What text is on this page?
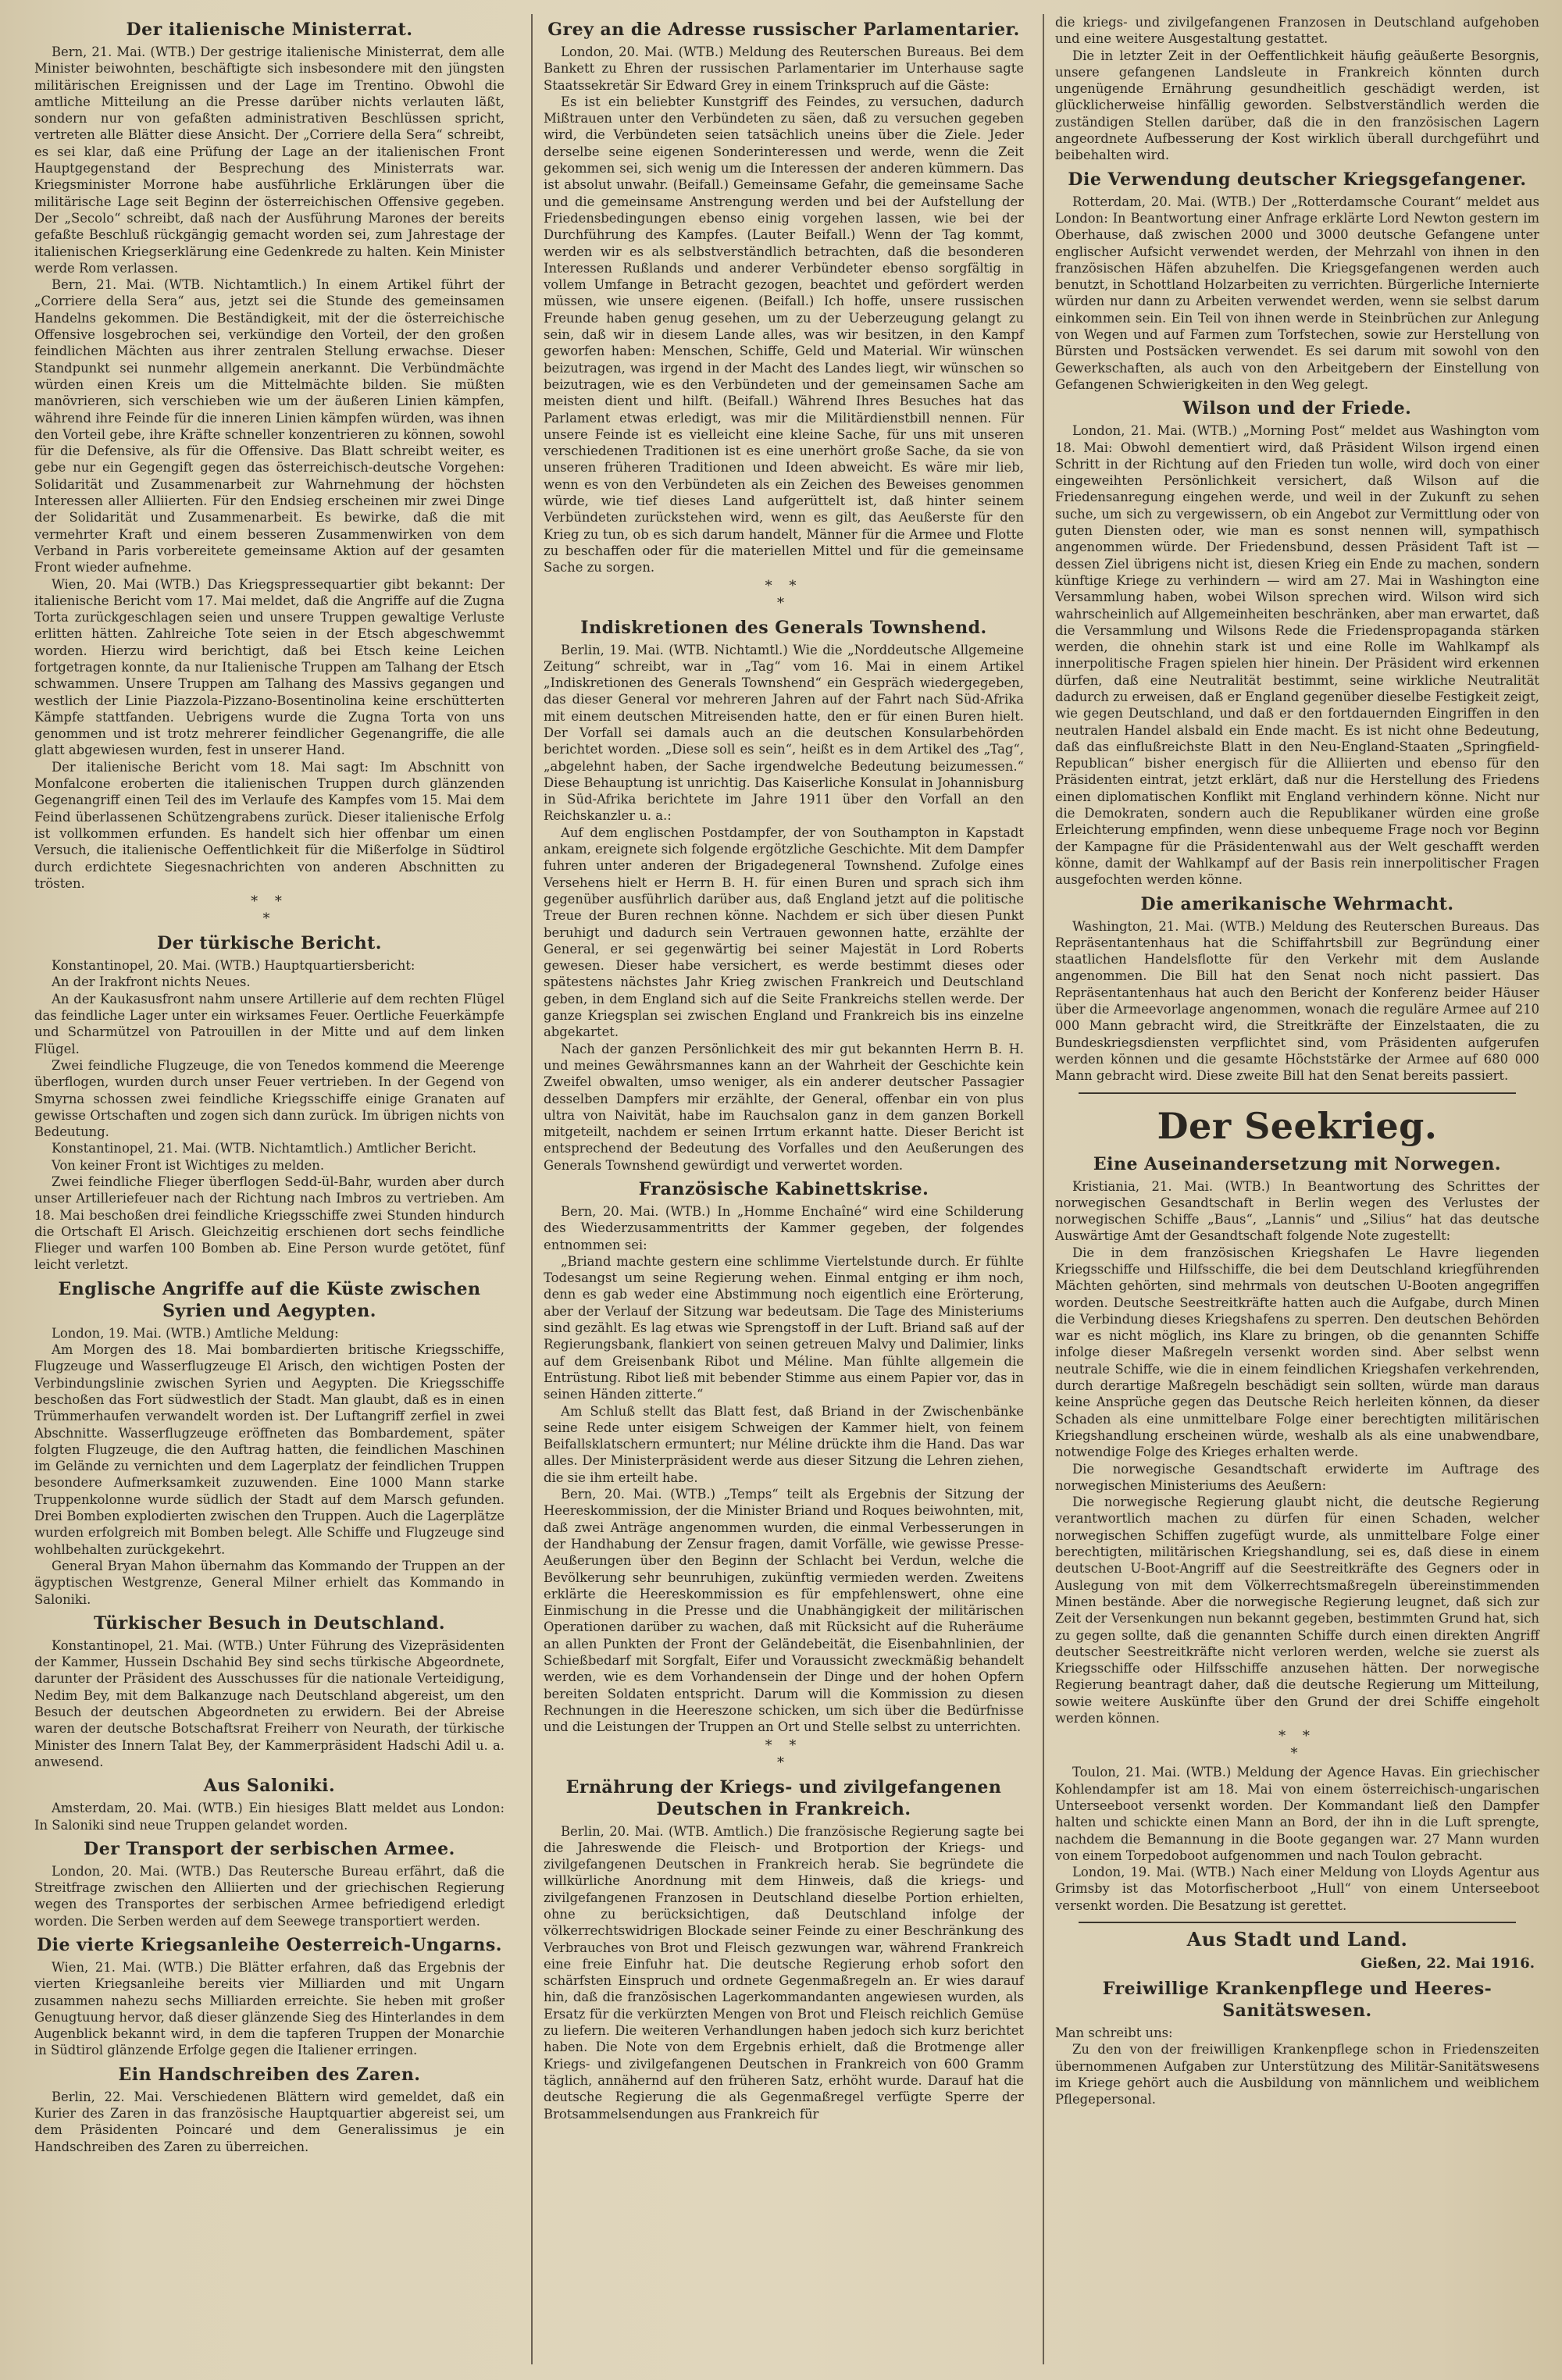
Der italienische Ministerrat.

Bern, 21. Mai. (WTB.) Der gestrige italienische Ministerrat, dem alle Minister beiwohnten, beschäftigte sich insbesondere mit den jüngsten militärischen Ereignissen und der Lage im Trentino. Obwohl die amtliche Mitteilung an die Presse darüber nichts verlauten läßt, sondern nur von gefaßten administrativen Beschlüssen spricht, vertreten alle Blätter diese Ansicht. Der „Corriere della Sera“ schreibt, es sei klar, daß eine Prüfung der Lage an der italienischen Front Hauptgegenstand der Besprechung des Ministerrats war. Kriegsminister Morrone habe ausführliche Erklärungen über die militärische Lage seit Beginn der österreichischen Offensive gegeben. Der „Secolo“ schreibt, daß nach der Ausführung Marones der bereits gefaßte Beschluß rückgängig gemacht worden sei, zum Jahrestage der italienischen Kriegserklärung eine Gedenkrede zu halten. Kein Minister werde Rom verlassen.

Bern, 21. Mai. (WTB. Nichtamtlich.) In einem Artikel führt der „Corriere della Sera“ aus, jetzt sei die Stunde des gemeinsamen Handelns gekommen. Die Beständigkeit, mit der die österreichische Offensive losgebrochen sei, verkündige den Vorteil, der den großen feindlichen Mächten aus ihrer zentralen Stellung erwachse. Dieser Standpunkt sei nunmehr allgemein anerkannt. Die Verbündmächte würden einen Kreis um die Mittelmächte bilden. Sie müßten manövrieren, sich verschieben wie um der äußeren Linien kämpfen, während ihre Feinde für die inneren Linien kämpfen würden, was ihnen den Vorteil gebe, ihre Kräfte schneller konzentrieren zu können, sowohl für die Defensive, als für die Offensive. Das Blatt schreibt weiter, es gebe nur ein Gegengift gegen das österreichisch-deutsche Vorgehen: Solidarität und Zusammenarbeit zur Wahrnehmung der höchsten Interessen aller Alliierten. Für den Endsieg erscheinen mir zwei Dinge der Solidarität und Zusammenarbeit. Es bewirke, daß die mit vermehrter Kraft und einem besseren Zusammenwirken von dem Verband in Paris vorbereitete gemeinsame Aktion auf der gesamten Front wieder aufnehme.

Wien, 20. Mai (WTB.) Das Kriegspressequartier gibt bekannt: Der italienische Bericht vom 17. Mai meldet, daß die Angriffe auf die Zugna Torta zurückgeschlagen seien und unsere Truppen gewaltige Verluste erlitten hätten. Zahlreiche Tote seien in der Etsch abgeschwemmt worden. Hierzu wird berichtigt, daß bei Etsch keine Leichen fortgetragen konnte, da nur Italienische Truppen am Talhang der Etsch schwammen. Unsere Truppen am Talhang des Massivs gegangen und westlich der Linie Piazzola-Pizzano-Bosentinolina keine erschütterten Kämpfe stattfanden. Uebrigens wurde die Zugna Torta von uns genommen und ist trotz mehrerer feindlicher Gegenangriffe, die alle glatt abgewiesen wurden, fest in unserer Hand.

Der italienische Bericht vom 18. Mai sagt: Im Abschnitt von Monfalcone eroberten die italienischen Truppen durch glänzenden Gegenangriff einen Teil des im Verlaufe des Kampfes vom 15. Mai dem Feind überlassenen Schützengrabens zurück. Dieser italienische Erfolg ist vollkommen erfunden. Es handelt sich hier offenbar um einen Versuch, die italienische Oeffentlichkeit für die Mißerfolge in Südtirol durch erdichtete Siegesnachrichten von anderen Abschnitten zu trösten.

* *
*
Der türkische Bericht.

Konstantinopel, 20. Mai. (WTB.) Hauptquartiersbericht:

An der Irakfront nichts Neues.

An der Kaukasusfront nahm unsere Artillerie auf dem rechten Flügel das feindliche Lager unter ein wirksames Feuer. Oertliche Feuerkämpfe und Scharmützel von Patrouillen in der Mitte und auf dem linken Flügel.

Zwei feindliche Flugzeuge, die von Tenedos kommend die Meerenge überflogen, wurden durch unser Feuer vertrieben. In der Gegend von Smyrna schossen zwei feindliche Kriegsschiffe einige Granaten auf gewisse Ortschaften und zogen sich dann zurück. Im übrigen nichts von Bedeutung.

Konstantinopel, 21. Mai. (WTB. Nichtamtlich.) Amtlicher Bericht.

Von keiner Front ist Wichtiges zu melden.

Zwei feindliche Flieger überflogen Sedd-ül-Bahr, wurden aber durch unser Artilleriefeuer nach der Richtung nach Imbros zu vertrieben. Am 18. Mai beschoßen drei feindliche Kriegsschiffe zwei Stunden hindurch die Ortschaft El Arisch. Gleichzeitig erschienen dort sechs feindliche Flieger und warfen 100 Bomben ab. Eine Person wurde getötet, fünf leicht verletzt.

Englische Angriffe auf die Küste zwischen Syrien und Aegypten.

London, 19. Mai. (WTB.) Amtliche Meldung:

Am Morgen des 18. Mai bombardierten britische Kriegsschiffe, Flugzeuge und Wasserflugzeuge El Arisch, den wichtigen Posten der Verbindungslinie zwischen Syrien und Aegypten. Die Kriegsschiffe beschoßen das Fort südwestlich der Stadt. Man glaubt, daß es in einen Trümmerhaufen verwandelt worden ist. Der Luftangriff zerfiel in zwei Abschnitte. Wasserflugzeuge eröffneten das Bombardement, später folgten Flugzeuge, die den Auftrag hatten, die feindlichen Maschinen im Gelände zu vernichten und dem Lagerplatz der feindlichen Truppen besondere Aufmerksamkeit zuzuwenden. Eine 1000 Mann starke Truppenkolonne wurde südlich der Stadt auf dem Marsch gefunden. Drei Bomben explodierten zwischen den Truppen. Auch die Lagerplätze wurden erfolgreich mit Bomben belegt. Alle Schiffe und Flugzeuge sind wohlbehalten zurückgekehrt.

General Bryan Mahon übernahm das Kommando der Truppen an der ägyptischen Westgrenze, General Milner erhielt das Kommando in Saloniki.

Türkischer Besuch in Deutschland.

Konstantinopel, 21. Mai. (WTB.) Unter Führung des Vizepräsidenten der Kammer, Hussein Dschahid Bey sind sechs türkische Abgeordnete, darunter der Präsident des Ausschusses für die nationale Verteidigung, Nedim Bey, mit dem Balkanzuge nach Deutschland abgereist, um den Besuch der deutschen Abgeordneten zu erwidern. Bei der Abreise waren der deutsche Botschaftsrat Freiherr von Neurath, der türkische Minister des Innern Talat Bey, der Kammerpräsident Hadschi Adil u. a. anwesend.

Aus Saloniki.

Amsterdam, 20. Mai. (WTB.) Ein hiesiges Blatt meldet aus London: In Saloniki sind neue Truppen gelandet worden.

Der Transport der serbischen Armee.

London, 20. Mai. (WTB.) Das Reutersche Bureau erfährt, daß die Streitfrage zwischen den Alliierten und der griechischen Regierung wegen des Transportes der serbischen Armee befriedigend erledigt worden. Die Serben werden auf dem Seewege transportiert werden.

Die vierte Kriegsanleihe Oesterreich-Ungarns.

Wien, 21. Mai. (WTB.) Die Blätter erfahren, daß das Ergebnis der vierten Kriegsanleihe bereits vier Milliarden und mit Ungarn zusammen nahezu sechs Milliarden erreichte. Sie heben mit großer Genugtuung hervor, daß dieser glänzende Sieg des Hinterlandes in dem Augenblick bekannt wird, in dem die tapferen Truppen der Monarchie in Südtirol glänzende Erfolge gegen die Italiener erringen.

Ein Handschreiben des Zaren.

Berlin, 22. Mai. Verschiedenen Blättern wird gemeldet, daß ein Kurier des Zaren in das französische Hauptquartier abgereist sei, um dem Präsidenten Poincaré und dem Generalissimus je ein Handschreiben des Zaren zu überreichen.

Grey an die Adresse russischer Parlamentarier.

London, 20. Mai. (WTB.) Meldung des Reuterschen Bureaus. Bei dem Bankett zu Ehren der russischen Parlamentarier im Unterhause sagte Staatssekretär Sir Edward Grey in einem Trinkspruch auf die Gäste:

Es ist ein beliebter Kunstgriff des Feindes, zu versuchen, dadurch Mißtrauen unter den Verbündeten zu säen, daß zu versuchen gegeben wird, die Verbündeten seien tatsächlich uneins über die Ziele. Jeder derselbe seine eigenen Sonderinteressen und werde, wenn die Zeit gekommen sei, sich wenig um die Interessen der anderen kümmern. Das ist absolut unwahr. (Beifall.) Gemeinsame Gefahr, die gemeinsame Sache und die gemeinsame Anstrengung werden und bei der Aufstellung der Friedensbedingungen ebenso einig vorgehen lassen, wie bei der Durchführung des Kampfes. (Lauter Beifall.) Wenn der Tag kommt, werden wir es als selbstverständlich betrachten, daß die besonderen Interessen Rußlands und anderer Verbündeter ebenso sorgfältig in vollem Umfange in Betracht gezogen, beachtet und gefördert werden müssen, wie unsere eigenen. (Beifall.) Ich hoffe, unsere russischen Freunde haben genug gesehen, um zu der Ueberzeugung gelangt zu sein, daß wir in diesem Lande alles, was wir besitzen, in den Kampf geworfen haben: Menschen, Schiffe, Geld und Material. Wir wünschen beizutragen, was irgend in der Macht des Landes liegt, wir wünschen so beizutragen, wie es den Verbündeten und der gemeinsamen Sache am meisten dient und hilft. (Beifall.) Während Ihres Besuches hat das Parlament etwas erledigt, was mir die Militärdienstbill nennen. Für unsere Feinde ist es vielleicht eine kleine Sache, für uns mit unseren verschiedenen Traditionen ist es eine unerhört große Sache, da sie von unseren früheren Traditionen und Ideen abweicht. Es wäre mir lieb, wenn es von den Verbündeten als ein Zeichen des Beweises genommen würde, wie tief dieses Land aufgerüttelt ist, daß hinter seinem Verbündeten zurückstehen wird, wenn es gilt, das Aeußerste für den Krieg zu tun, ob es sich darum handelt, Männer für die Armee und Flotte zu beschaffen oder für die materiellen Mittel und für die gemeinsame Sache zu sorgen.

* *
*
Indiskretionen des Generals Townshend.

Berlin, 19. Mai. (WTB. Nichtamtl.) Wie die „Norddeutsche Allgemeine Zeitung“ schreibt, war in „Tag“ vom 16. Mai in einem Artikel „Indiskretionen des Generals Townshend“ ein Gespräch wiedergegeben, das dieser General vor mehreren Jahren auf der Fahrt nach Süd-Afrika mit einem deutschen Mitreisenden hatte, den er für einen Buren hielt. Der Vorfall sei damals auch an die deutschen Konsularbehörden berichtet worden. „Diese soll es sein“, heißt es in dem Artikel des „Tag“, „abgelehnt haben, der Sache irgendwelche Bedeutung beizumessen.“ Diese Behauptung ist unrichtig. Das Kaiserliche Konsulat in Johannisburg in Süd-Afrika berichtete im Jahre 1911 über den Vorfall an den Reichskanzler u. a.:

Auf dem englischen Postdampfer, der von Southampton in Kapstadt ankam, ereignete sich folgende ergötzliche Geschichte. Mit dem Dampfer fuhren unter anderen der Brigadegeneral Townshend. Zufolge eines Versehens hielt er Herrn B. H. für einen Buren und sprach sich ihm gegenüber ausführlich darüber aus, daß England jetzt auf die politische Treue der Buren rechnen könne. Nachdem er sich über diesen Punkt beruhigt und dadurch sein Vertrauen gewonnen hatte, erzählte der General, er sei gegenwärtig bei seiner Majestät in Lord Roberts gewesen. Dieser habe versichert, es werde bestimmt dieses oder spätestens nächstes Jahr Krieg zwischen Frankreich und Deutschland geben, in dem England sich auf die Seite Frankreichs stellen werde. Der ganze Kriegsplan sei zwischen England und Frankreich bis ins einzelne abgekartet.

Nach der ganzen Persönlichkeit des mir gut bekannten Herrn B. H. und meines Gewährsmannes kann an der Wahrheit der Geschichte kein Zweifel obwalten, umso weniger, als ein anderer deutscher Passagier desselben Dampfers mir erzählte, der General, offenbar ein von plus ultra von Naivität, habe im Rauchsalon ganz in dem ganzen Borkell mitgeteilt, nachdem er seinen Irrtum erkannt hatte. Dieser Bericht ist entsprechend der Bedeutung des Vorfalles und den Aeußerungen des Generals Townshend gewürdigt und verwertet worden.

Französische Kabinettskrise.

Bern, 20. Mai. (WTB.) In „Homme Enchaîné“ wird eine Schilderung des Wiederzusammentritts der Kammer gegeben, der folgendes entnommen sei:

„Briand machte gestern eine schlimme Viertelstunde durch. Er fühlte Todesangst um seine Regierung wehen. Einmal entging er ihm noch, denn es gab weder eine Abstimmung noch eigentlich eine Erörterung, aber der Verlauf der Sitzung war bedeutsam. Die Tage des Ministeriums sind gezählt. Es lag etwas wie Sprengstoff in der Luft. Briand saß auf der Regierungsbank, flankiert von seinen getreuen Malvy und Dalimier, links auf dem Greisenbank Ribot und Méline. Man fühlte allgemein die Entrüstung. Ribot ließ mit bebender Stimme aus einem Papier vor, das in seinen Händen zitterte.“

Am Schluß stellt das Blatt fest, daß Briand in der Zwischenbänke seine Rede unter eisigem Schweigen der Kammer hielt, von feinem Beifallsklatschern ermuntert; nur Méline drückte ihm die Hand. Das war alles. Der Ministerpräsident werde aus dieser Sitzung die Lehren ziehen, die sie ihm erteilt habe.

Bern, 20. Mai. (WTB.) „Temps“ teilt als Ergebnis der Sitzung der Heereskommission, der die Minister Briand und Roques beiwohnten, mit, daß zwei Anträge angenommen wurden, die einmal Verbesserungen in der Handhabung der Zensur fragen, damit Vorfälle, wie gewisse Presse-Aeußerungen über den Beginn der Schlacht bei Verdun, welche die Bevölkerung sehr beunruhigen, zukünftig vermieden werden. Zweitens erklärte die Heereskommission es für empfehlenswert, ohne eine Einmischung in die Presse und die Unabhängigkeit der militärischen Operationen darüber zu wachen, daß mit Rücksicht auf die Ruheräume an allen Punkten der Front der Geländebeität, die Eisenbahnlinien, der Schießbedarf mit Sorgfalt, Eifer und Voraussicht zweckmäßig behandelt werden, wie es dem Vorhandensein der Dinge und der hohen Opfern bereiten Soldaten entspricht. Darum will die Kommission zu diesen Rechnungen in die Heereszone schicken, um sich über die Bedürfnisse und die Leistungen der Truppen an Ort und Stelle selbst zu unterrichten.

* *
*
Ernährung der Kriegs- und zivilgefangenen Deutschen in Frankreich.

Berlin, 20. Mai. (WTB. Amtlich.) Die französische Regierung sagte bei die Jahreswende die Fleisch- und Brotportion der Kriegs- und zivilgefangenen Deutschen in Frankreich herab. Sie begründete die willkürliche Anordnung mit dem Hinweis, daß die kriegs- und zivilgefangenen Franzosen in Deutschland dieselbe Portion erhielten, ohne zu berücksichtigen, daß Deutschland infolge der völkerrechtswidrigen Blockade seiner Feinde zu einer Beschränkung des Verbrauches von Brot und Fleisch gezwungen war, während Frankreich eine freie Einfuhr hat. Die deutsche Regierung erhob sofort den schärfsten Einspruch und ordnete Gegenmaßregeln an. Er wies darauf hin, daß die französischen Lagerkommandanten angewiesen wurden, als Ersatz für die verkürzten Mengen von Brot und Fleisch reichlich Gemüse zu liefern. Die weiteren Verhandlungen haben jedoch sich kurz berichtet haben. Die Note von dem Ergebnis erhielt, daß die Brotmenge aller Kriegs- und zivilgefangenen Deutschen in Frankreich von 600 Gramm täglich, annähernd auf den früheren Satz, erhöht wurde. Darauf hat die deutsche Regierung die als Gegenmaßregel verfügte Sperre der Brotsammelsendungen aus Frankreich für

die kriegs- und zivilgefangenen Franzosen in Deutschland aufgehoben und eine weitere Ausgestaltung gestattet.

Die in letzter Zeit in der Oeffentlichkeit häufig geäußerte Besorgnis, unsere gefangenen Landsleute in Frankreich könnten durch ungenügende Ernährung gesundheitlich geschädigt werden, ist glücklicherweise hinfällig geworden. Selbstverständlich werden die zuständigen Stellen darüber, daß die in den französischen Lagern angeordnete Aufbesserung der Kost wirklich überall durchgeführt und beibehalten wird.

Die Verwendung deutscher Kriegsgefangener.

Rotterdam, 20. Mai. (WTB.) Der „Rotterdamsche Courant“ meldet aus London: In Beantwortung einer Anfrage erklärte Lord Newton gestern im Oberhause, daß zwischen 2000 und 3000 deutsche Gefangene unter englischer Aufsicht verwendet werden, der Mehrzahl von ihnen in den französischen Häfen abzuhelfen. Die Kriegsgefangenen werden auch benutzt, in Schottland Holzarbeiten zu verrichten. Bürgerliche Internierte würden nur dann zu Arbeiten verwendet werden, wenn sie selbst darum einkommen sein. Ein Teil von ihnen werde in Steinbrüchen zur Anlegung von Wegen und auf Farmen zum Torfstechen, sowie zur Herstellung von Bürsten und Postsäcken verwendet. Es sei darum mit sowohl von den Gewerkschaften, als auch von den Arbeitgebern der Einstellung von Gefangenen Schwierigkeiten in den Weg gelegt.

Wilson und der Friede.

London, 21. Mai. (WTB.) „Morning Post“ meldet aus Washington vom 18. Mai: Obwohl dementiert wird, daß Präsident Wilson irgend einen Schritt in der Richtung auf den Frieden tun wolle, wird doch von einer eingeweihten Persönlichkeit versichert, daß Wilson auf die Friedensanregung eingehen werde, und weil in der Zukunft zu sehen suche, um sich zu vergewissern, ob ein Angebot zur Vermittlung oder von guten Diensten oder, wie man es sonst nennen will, sympathisch angenommen würde. Der Friedensbund, dessen Präsident Taft ist — dessen Ziel übrigens nicht ist, diesen Krieg ein Ende zu machen, sondern künftige Kriege zu verhindern — wird am 27. Mai in Washington eine Versammlung haben, wobei Wilson sprechen wird. Wilson wird sich wahrscheinlich auf Allgemeinheiten beschränken, aber man erwartet, daß die Versammlung und Wilsons Rede die Friedenspropaganda stärken werden, die ohnehin stark ist und eine Rolle im Wahlkampf als innerpolitische Fragen spielen hier hinein. Der Präsident wird erkennen dürfen, daß eine Neutralität bestimmt, seine wirkliche Neutralität dadurch zu erweisen, daß er England gegenüber dieselbe Festigkeit zeigt, wie gegen Deutschland, und daß er den fortdauernden Eingriffen in den neutralen Handel alsbald ein Ende macht. Es ist nicht ohne Bedeutung, daß das einflußreichste Blatt in den Neu-England-Staaten „Springfield-Republican“ bisher energisch für die Alliierten und ebenso für den Präsidenten eintrat, jetzt erklärt, daß nur die Herstellung des Friedens einen diplomatischen Konflikt mit England verhindern könne. Nicht nur die Demokraten, sondern auch die Republikaner würden eine große Erleichterung empfinden, wenn diese unbequeme Frage noch vor Beginn der Kampagne für die Präsidentenwahl aus der Welt geschafft werden könne, damit der Wahlkampf auf der Basis rein innerpolitischer Fragen ausgefochten werden könne.

Die amerikanische Wehrmacht.

Washington, 21. Mai. (WTB.) Meldung des Reuterschen Bureaus. Das Repräsentantenhaus hat die Schiffahrtsbill zur Begründung einer staatlichen Handelsflotte für den Verkehr mit dem Auslande angenommen. Die Bill hat den Senat noch nicht passiert. Das Repräsentantenhaus hat auch den Bericht der Konferenz beider Häuser über die Armeevorlage angenommen, wonach die reguläre Armee auf 210 000 Mann gebracht wird, die Streitkräfte der Einzelstaaten, die zu Bundeskriegsdiensten verpflichtet sind, vom Präsidenten aufgerufen werden können und die gesamte Höchststärke der Armee auf 680 000 Mann gebracht wird. Diese zweite Bill hat den Senat bereits passiert.

Der Seekrieg.
Eine Auseinandersetzung mit Norwegen.

Kristiania, 21. Mai. (WTB.) In Beantwortung des Schrittes der norwegischen Gesandtschaft in Berlin wegen des Verlustes der norwegischen Schiffe „Baus“, „Lannis“ und „Silius“ hat das deutsche Auswärtige Amt der Gesandtschaft folgende Note zugestellt:

Die in dem französischen Kriegshafen Le Havre liegenden Kriegsschiffe und Hilfsschiffe, die bei dem Deutschland kriegführenden Mächten gehörten, sind mehrmals von deutschen U-Booten angegriffen worden. Deutsche Seestreitkräfte hatten auch die Aufgabe, durch Minen die Verbindung dieses Kriegshafens zu sperren. Den deutschen Behörden war es nicht möglich, ins Klare zu bringen, ob die genannten Schiffe infolge dieser Maßregeln versenkt worden sind. Aber selbst wenn neutrale Schiffe, wie die in einem feindlichen Kriegshafen verkehrenden, durch derartige Maßregeln beschädigt sein sollten, würde man daraus keine Ansprüche gegen das Deutsche Reich herleiten können, da dieser Schaden als eine unmittelbare Folge einer berechtigten militärischen Kriegshandlung erscheinen würde, weshalb als als eine unabwendbare, notwendige Folge des Krieges erhalten werde.

Die norwegische Gesandtschaft erwiderte im Auftrage des norwegischen Ministeriums des Aeußern:

Die norwegische Regierung glaubt nicht, die deutsche Regierung verantwortlich machen zu dürfen für einen Schaden, welcher norwegischen Schiffen zugefügt wurde, als unmittelbare Folge einer berechtigten, militärischen Kriegshandlung, sei es, daß diese in einem deutschen U-Boot-Angriff auf die Seestreitkräfte des Gegners oder in Auslegung von mit dem Völkerrechtsmaßregeln übereinstimmenden Minen bestände. Aber die norwegische Regierung leugnet, daß sich zur Zeit der Versenkungen nun bekannt gegeben, bestimmten Grund hat, sich zu gegen sollte, daß die genannten Schiffe durch einen direkten Angriff deutscher Seestreitkräfte nicht verloren werden, welche sie zuerst als Kriegsschiffe oder Hilfsschiffe anzusehen hätten. Der norwegische Regierung beantragt daher, daß die deutsche Regierung um Mitteilung, sowie weitere Auskünfte über den Grund der drei Schiffe eingeholt werden können.

* *
*

Toulon, 21. Mai. (WTB.) Meldung der Agence Havas. Ein griechischer Kohlendampfer ist am 18. Mai von einem österreichisch-ungarischen Unterseeboot versenkt worden. Der Kommandant ließ den Dampfer halten und schickte einen Mann an Bord, der ihn in die Luft sprengte, nachdem die Bemannung in die Boote gegangen war. 27 Mann wurden von einem Torpedoboot aufgenommen und nach Toulon gebracht.

London, 19. Mai. (WTB.) Nach einer Meldung von Lloyds Agentur aus Grimsby ist das Motorfischerboot „Hull“ von einem Unterseeboot versenkt worden. Die Besatzung ist gerettet.

Aus Stadt und Land.
Gießen, 22. Mai 1916.
Freiwillige Krankenpflege und Heeres-Sanitätswesen.

Man schreibt uns:

Zu den von der freiwilligen Krankenpflege schon in Friedenszeiten übernommenen Aufgaben zur Unterstützung des Militär-Sanitätswesens im Kriege gehört auch die Ausbildung von männlichem und weiblichem Pflegepersonal.
